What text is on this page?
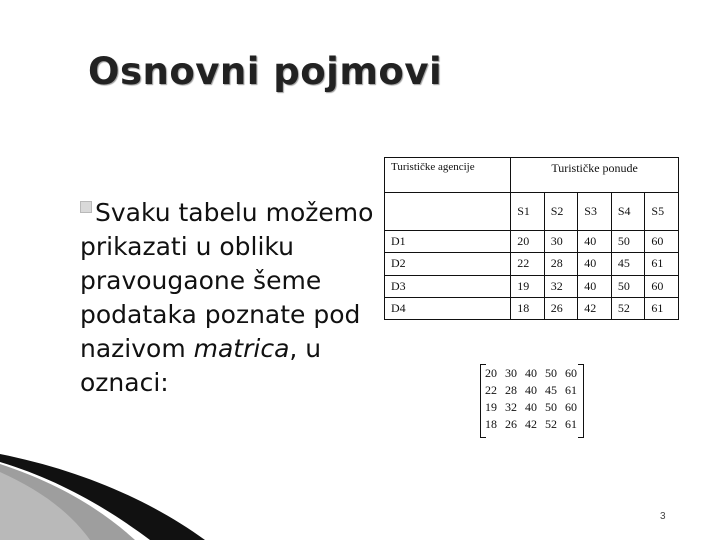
Osnovni pojmovi
Svaku tabelu možemo prikazati u obliku pravougaone šeme podataka poznate pod nazivom matrica, u oznaci:
Turističke agencije	Turističke ponude				
	S1	S2	S3	S4	S5
D1	20	30	40	50	60
D2	22	28	40	45	61
D3	19	32	40	50	60
D4	18	26	42	52	61
20	30	40	50	60
22	28	40	45	61
19	32	40	50	60
18	26	42	52	61
3
